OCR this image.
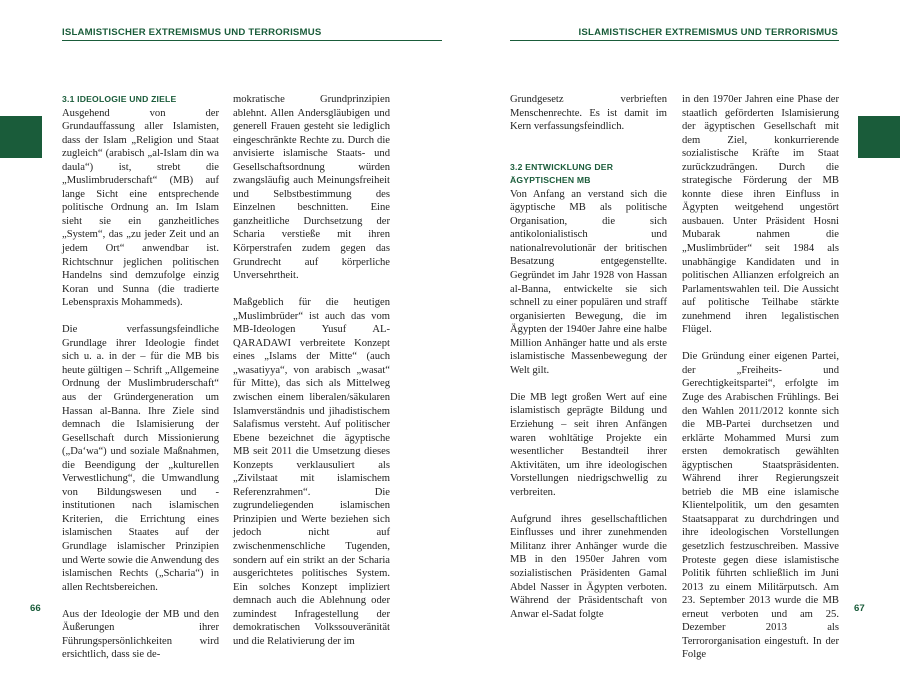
ISLAMISTISCHER EXTREMISMUS UND TERRORISMUS
3.1 IDEOLOGIE UND ZIELE

Ausgehend von der Grundauffassung aller Islamisten, dass der Islam „Religion und Staat zugleich“ (arabisch „al-Islam din wa daula“) ist, strebt die „Muslimbruderschaft“ (MB) auf lange Sicht eine entsprechende politische Ordnung an. Im Islam sieht sie ein ganzheitliches „System“, das „zu jeder Zeit und an jedem Ort“ anwendbar ist. Richtschnur jeglichen politischen Handelns sind demzufolge einzig Koran und Sunna (die tradierte Lebenspraxis Mohammeds).

Die verfassungsfeindliche Grundlage ihrer Ideologie findet sich u. a. in der – für die MB bis heute gültigen – Schrift „Allgemeine Ordnung der Muslimbruderschaft“ aus der Gründergeneration um Hassan al-Banna. Ihre Ziele sind demnach die Islamisierung der Gesellschaft durch Missionierung („Da‘wa“) und soziale Maßnahmen, die Beendigung der „kulturellen Verwestlichung“, die Umwandlung von Bildungswesen und -institutionen nach islamischen Kriterien, die Errichtung eines islamischen Staates auf der Grundlage islamischer Prinzipien und Werte sowie die Anwendung des islamischen Rechts („Scharia“) in allen Rechtsbereichen.

Aus der Ideologie der MB und den Äußerungen ihrer Führungspersönlichkeiten wird ersichtlich, dass sie de-

mokratische Grundprinzipien ablehnt. Allen Andersgläubigen und generell Frauen gesteht sie lediglich eingeschränkte Rechte zu. Durch die anvisierte islamische Staats- und Gesellschaftsordnung würden zwangsläufig auch Meinungsfreiheit und Selbstbestimmung des Einzelnen beschnitten. Eine ganzheitliche Durchsetzung der Scharia verstieße mit ihren Körperstrafen zudem gegen das Grundrecht auf körperliche Unversehrtheit.

Maßgeblich für die heutigen „Muslimbrüder“ ist auch das vom MB-Ideologen Yusuf AL-QARADAWI verbreitete Konzept eines „Islams der Mitte“ (auch „wasatiyya“, von arabisch „wasat“ für Mitte), das sich als Mittelweg zwischen einem liberalen/säkularen Islamverständnis und jihadistischem Salafismus versteht. Auf politischer Ebene bezeichnet die ägyptische MB seit 2011 die Umsetzung dieses Konzepts verklausuliert als „Zivilstaat mit islamischem Referenzrahmen“. Die zugrundeliegenden islamischen Prinzipien und Werte beziehen sich jedoch nicht auf zwischenmenschliche Tugenden, sondern auf ein strikt an der Scharia ausgerichtetes politisches System. Ein solches Konzept impliziert demnach auch die Ablehnung oder zumindest Infragestellung der demokratischen Volkssouveränität und die Relativierung der im

66
ISLAMISTISCHER EXTREMISMUS UND TERRORISMUS

Grundgesetz verbrieften Menschenrechte. Es ist damit im Kern verfassungsfeindlich.

3.2 ENTWICKLUNG DER
ÄGYPTISCHEN MB

Von Anfang an verstand sich die ägyptische MB als politische Organisation, die sich antikolonialistisch und nationalrevolutionär der britischen Besatzung entgegenstellte. Gegründet im Jahr 1928 von Hassan al-Banna, entwickelte sie sich schnell zu einer populären und straff organisierten Bewegung, die im Ägypten der 1940er Jahre eine halbe Million Anhänger hatte und als erste islamistische Massenbewegung der Welt gilt.

Die MB legt großen Wert auf eine islamistisch geprägte Bildung und Erziehung – seit ihren Anfängen waren wohltätige Projekte ein wesentlicher Bestandteil ihrer Aktivitäten, um ihre ideologischen Vorstellungen niedrigschwellig zu verbreiten.

Aufgrund ihres gesellschaftlichen Einflusses und ihrer zunehmenden Militanz ihrer Anhänger wurde die MB in den 1950er Jahren vom sozialistischen Präsidenten Gamal Abdel Nasser in Ägypten verboten. Während der Präsidentschaft von Anwar el-Sadat folgte

in den 1970er Jahren eine Phase der staatlich geförderten Islamisierung der ägyptischen Gesellschaft mit dem Ziel, konkurrierende sozialistische Kräfte im Staat zurückzudrängen. Durch die strategische Förderung der MB konnte diese ihren Einfluss in Ägypten weitgehend ungestört ausbauen. Unter Präsident Hosni Mubarak nahmen die „Muslimbrüder“ seit 1984 als unabhängige Kandidaten und in politischen Allianzen erfolgreich an Parlamentswahlen teil. Die Aussicht auf politische Teilhabe stärkte zunehmend ihren legalistischen Flügel.

Die Gründung einer eigenen Partei, der „Freiheits- und Gerechtigkeitspartei“, erfolgte im Zuge des Arabischen Frühlings. Bei den Wahlen 2011/2012 konnte sich die MB-Partei durchsetzen und erklärte Mohammed Mursi zum ersten demokratisch gewählten ägyptischen Staatspräsidenten. Während ihrer Regierungszeit betrieb die MB eine islamische Klientelpolitik, um den gesamten Staatsapparat zu durchdringen und ihre ideologischen Vorstellungen gesetzlich festzuschreiben. Massive Proteste gegen diese islamistische Politik führten schließlich im Juni 2013 zu einem Militärputsch. Am 23. September 2013 wurde die MB erneut verboten und am 25. Dezember 2013 als Terrororganisation eingestuft. In der Folge

67
